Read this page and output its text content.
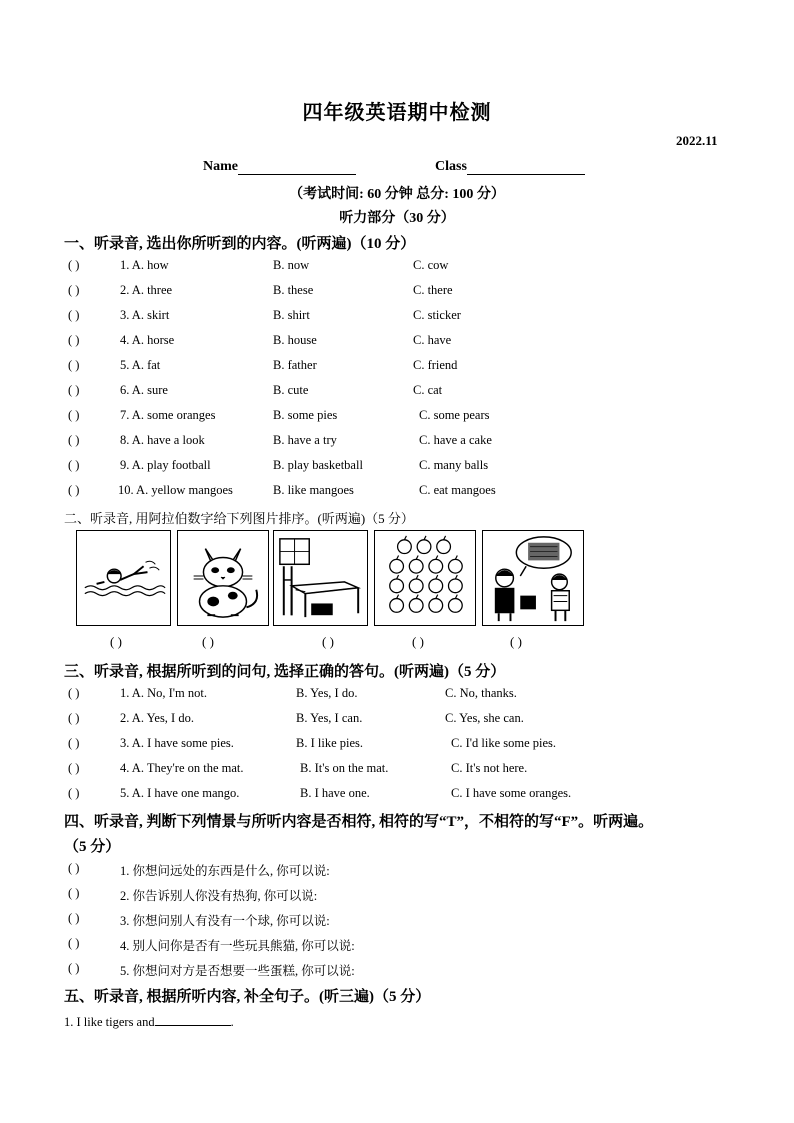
四年级英语期中检测
2022.11
Name	Class
（考试时间: 60 分钟 总分: 100 分）
听力部分（30 分）
一、听录音, 选出你所听到的内容。(听两遍)（10 分）
( )	1. A. how	B. now	C. cow
( )	2. A. three	B. these	C. there
( )	3. A. skirt	B. shirt	C. sticker
( )	4. A. horse	B. house	C. have
( )	5. A. fat	B. father	C. friend
( )	6. A. sure	B. cute	C. cat
( )	7. A. some oranges	B. some pies	C. some pears
( )	8. A. have a look	B. have a try	C. have a cake
( )	9. A. play football	B. play basketball	C. many balls
( )	10. A. yellow mangoes	B. like mangoes	C. eat mangoes
二、听录音, 用阿拉伯数字给下列图片排序。(听两遍)（5 分）
( )	( )	( )	( )	( )
三、听录音, 根据所听到的问句, 选择正确的答句。(听两遍)（5 分）
( )	1. A. No, I'm not.	B. Yes, I do.	C. No, thanks.
( )	2. A. Yes, I do.	B. Yes, I can.	C. Yes, she can.
( )	3. A. I have some pies.	B. I like pies.	C. I'd like some pies.
( )	4. A. They're on the mat.	B. It's on the mat.	C. It's not here.
( )	5. A. I have one mango.	B. I have one.	C. I have some oranges.
四、听录音, 判断下列情景与所听内容是否相符, 相符的写“T”，不相符的写“F”。听两遍。
（5 分）
( )	1. 你想问远处的东西是什么, 你可以说:
( )	2. 你告诉别人你没有热狗, 你可以说:
( )	3. 你想问别人有没有一个球, 你可以说:
( )	4. 别人问你是否有一些玩具熊猫, 你可以说:
( )	5. 你想问对方是否想要一些蛋糕, 你可以说:
五、听录音, 根据所听内容, 补全句子。(听三遍)（5 分）
1. I like tigers and	.
